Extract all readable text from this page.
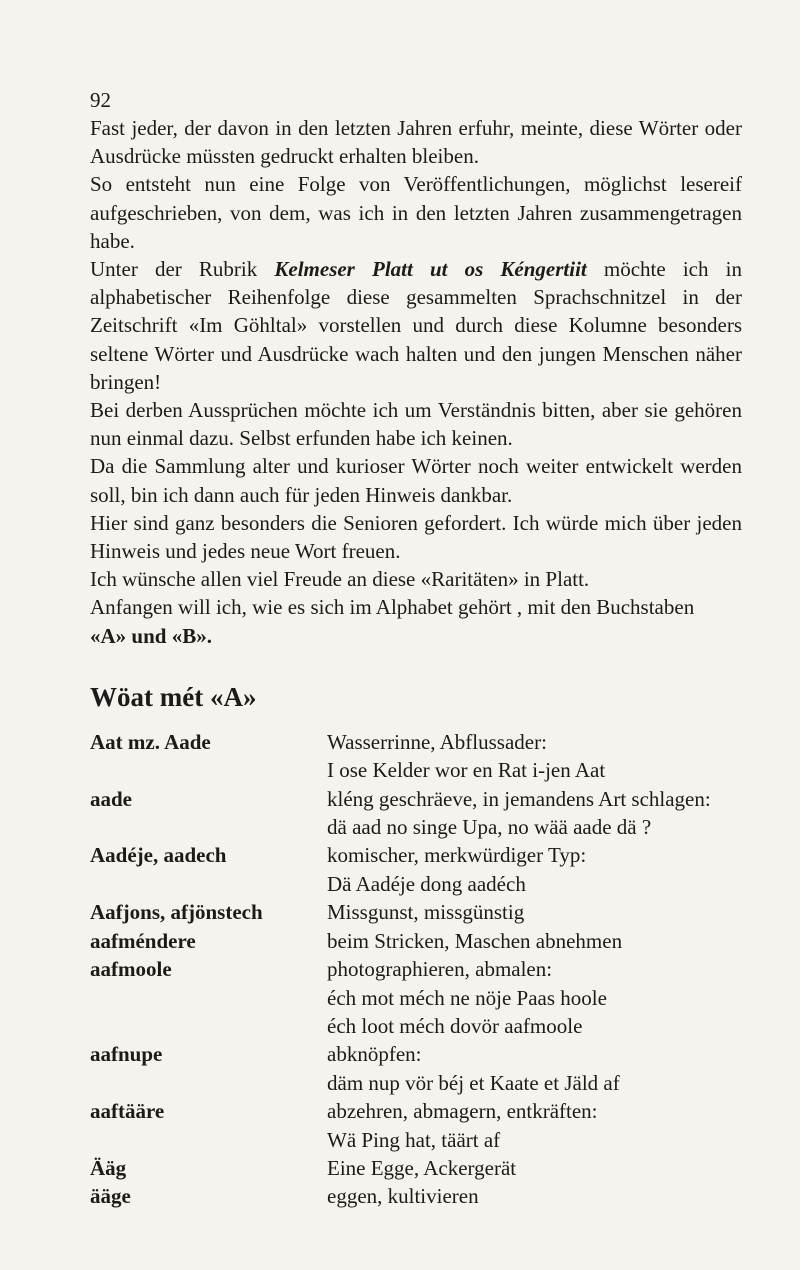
92

Fast jeder, der davon in den letzten Jahren erfuhr, meinte, diese Wörter oder Ausdrücke müssten gedruckt erhalten bleiben.

So entsteht nun eine Folge von Veröffentlichungen, möglichst lesereif aufgeschrieben, von dem, was ich in den letzten Jahren zusammengetragen habe.

Unter der Rubrik Kelmeser Platt ut os Kéngertiit möchte ich in alphabetischer Reihenfolge diese gesammelten Sprachschnitzel in der Zeitschrift «Im Göhltal» vorstellen und durch diese Kolumne besonders seltene Wörter und Ausdrücke wach halten und den jungen Menschen näher bringen!

Bei derben Aussprüchen möchte ich um Verständnis bitten, aber sie gehören nun einmal dazu. Selbst erfunden habe ich keinen.

Da die Sammlung alter und kurioser Wörter noch weiter entwickelt werden soll, bin ich dann auch für jeden Hinweis dankbar.

Hier sind ganz besonders die Senioren gefordert. Ich würde mich über jeden Hinweis und jedes neue Wort freuen.

Ich wünsche allen viel Freude an diese «Raritäten» in Platt.

Anfangen will ich, wie es sich im Alphabet gehört , mit den Buchstaben

«A» und «B».

Wöat mét «A»
Aat mz. Aade	Wasserrinne, Abflussader:
I ose Kelder wor en Rat i-jen Aat
aade	kléng geschräeve, in jemandens Art schlagen:
dä aad no singe Upa, no wää aade dä ?
Aadéje, aadech	komischer, merkwürdiger Typ:
Dä Aadéje dong aadéch
Aafjons, afjönstech	Missgunst, missgünstig
aafméndere	beim Stricken, Maschen abnehmen
aafmoole	photographieren, abmalen:
éch mot méch ne nöje Paas hoole
éch loot méch dovör aafmoole
aafnupe	abknöpfen:
däm nup vör béj et Kaate et Jäld af
aaftääre	abzehren, abmagern, entkräften:
Wä Ping hat, täärt af
Ääg	Eine Egge, Ackergerät
ääge	eggen, kultivieren
